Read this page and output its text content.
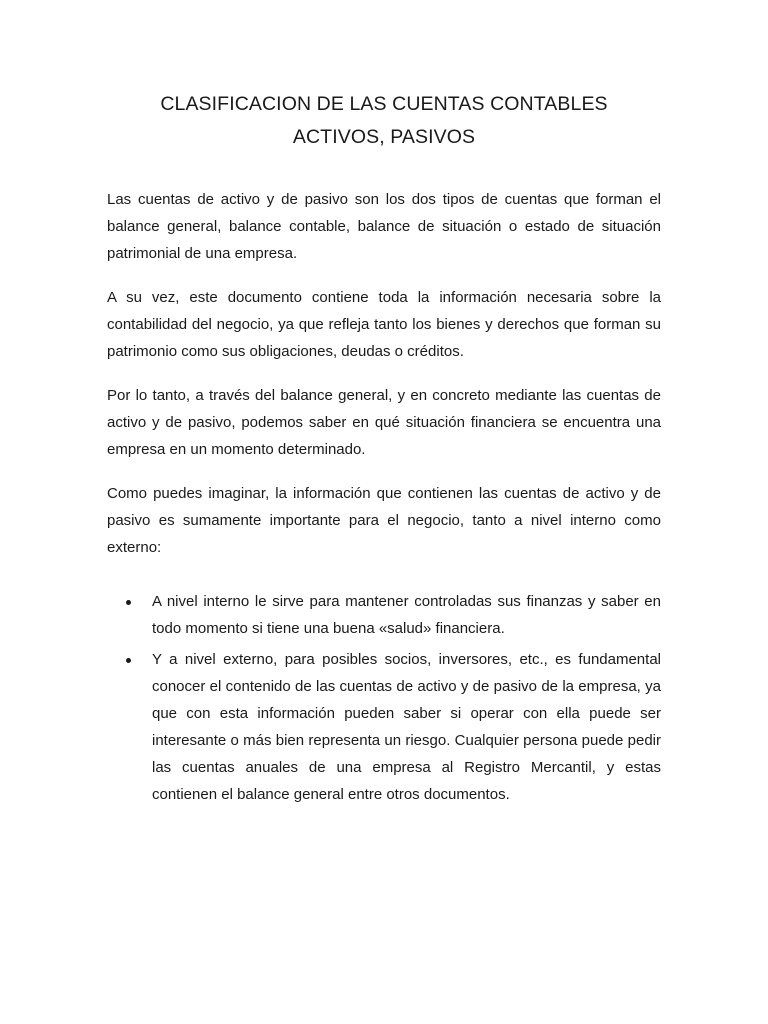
CLASIFICACION DE LAS CUENTAS CONTABLES
ACTIVOS, PASIVOS

Las cuentas de activo y de pasivo son los dos tipos de cuentas que forman el balance general, balance contable, balance de situación o estado de situación patrimonial de una empresa.

A su vez, este documento contiene toda la información necesaria sobre la contabilidad del negocio, ya que refleja tanto los bienes y derechos que forman su patrimonio como sus obligaciones, deudas o créditos.

Por lo tanto, a través del balance general, y en concreto mediante las cuentas de activo y de pasivo, podemos saber en qué situación financiera se encuentra una empresa en un momento determinado.

Como puedes imaginar, la información que contienen las cuentas de activo y de pasivo es sumamente importante para el negocio, tanto a nivel interno como externo:

A nivel interno le sirve para mantener controladas sus finanzas y saber en todo momento si tiene una buena «salud» financiera.
Y a nivel externo, para posibles socios, inversores, etc., es fundamental conocer el contenido de las cuentas de activo y de pasivo de la empresa, ya que con esta información pueden saber si operar con ella puede ser interesante o más bien representa un riesgo. Cualquier persona puede pedir las cuentas anuales de una empresa al Registro Mercantil, y estas contienen el balance general entre otros documentos.
